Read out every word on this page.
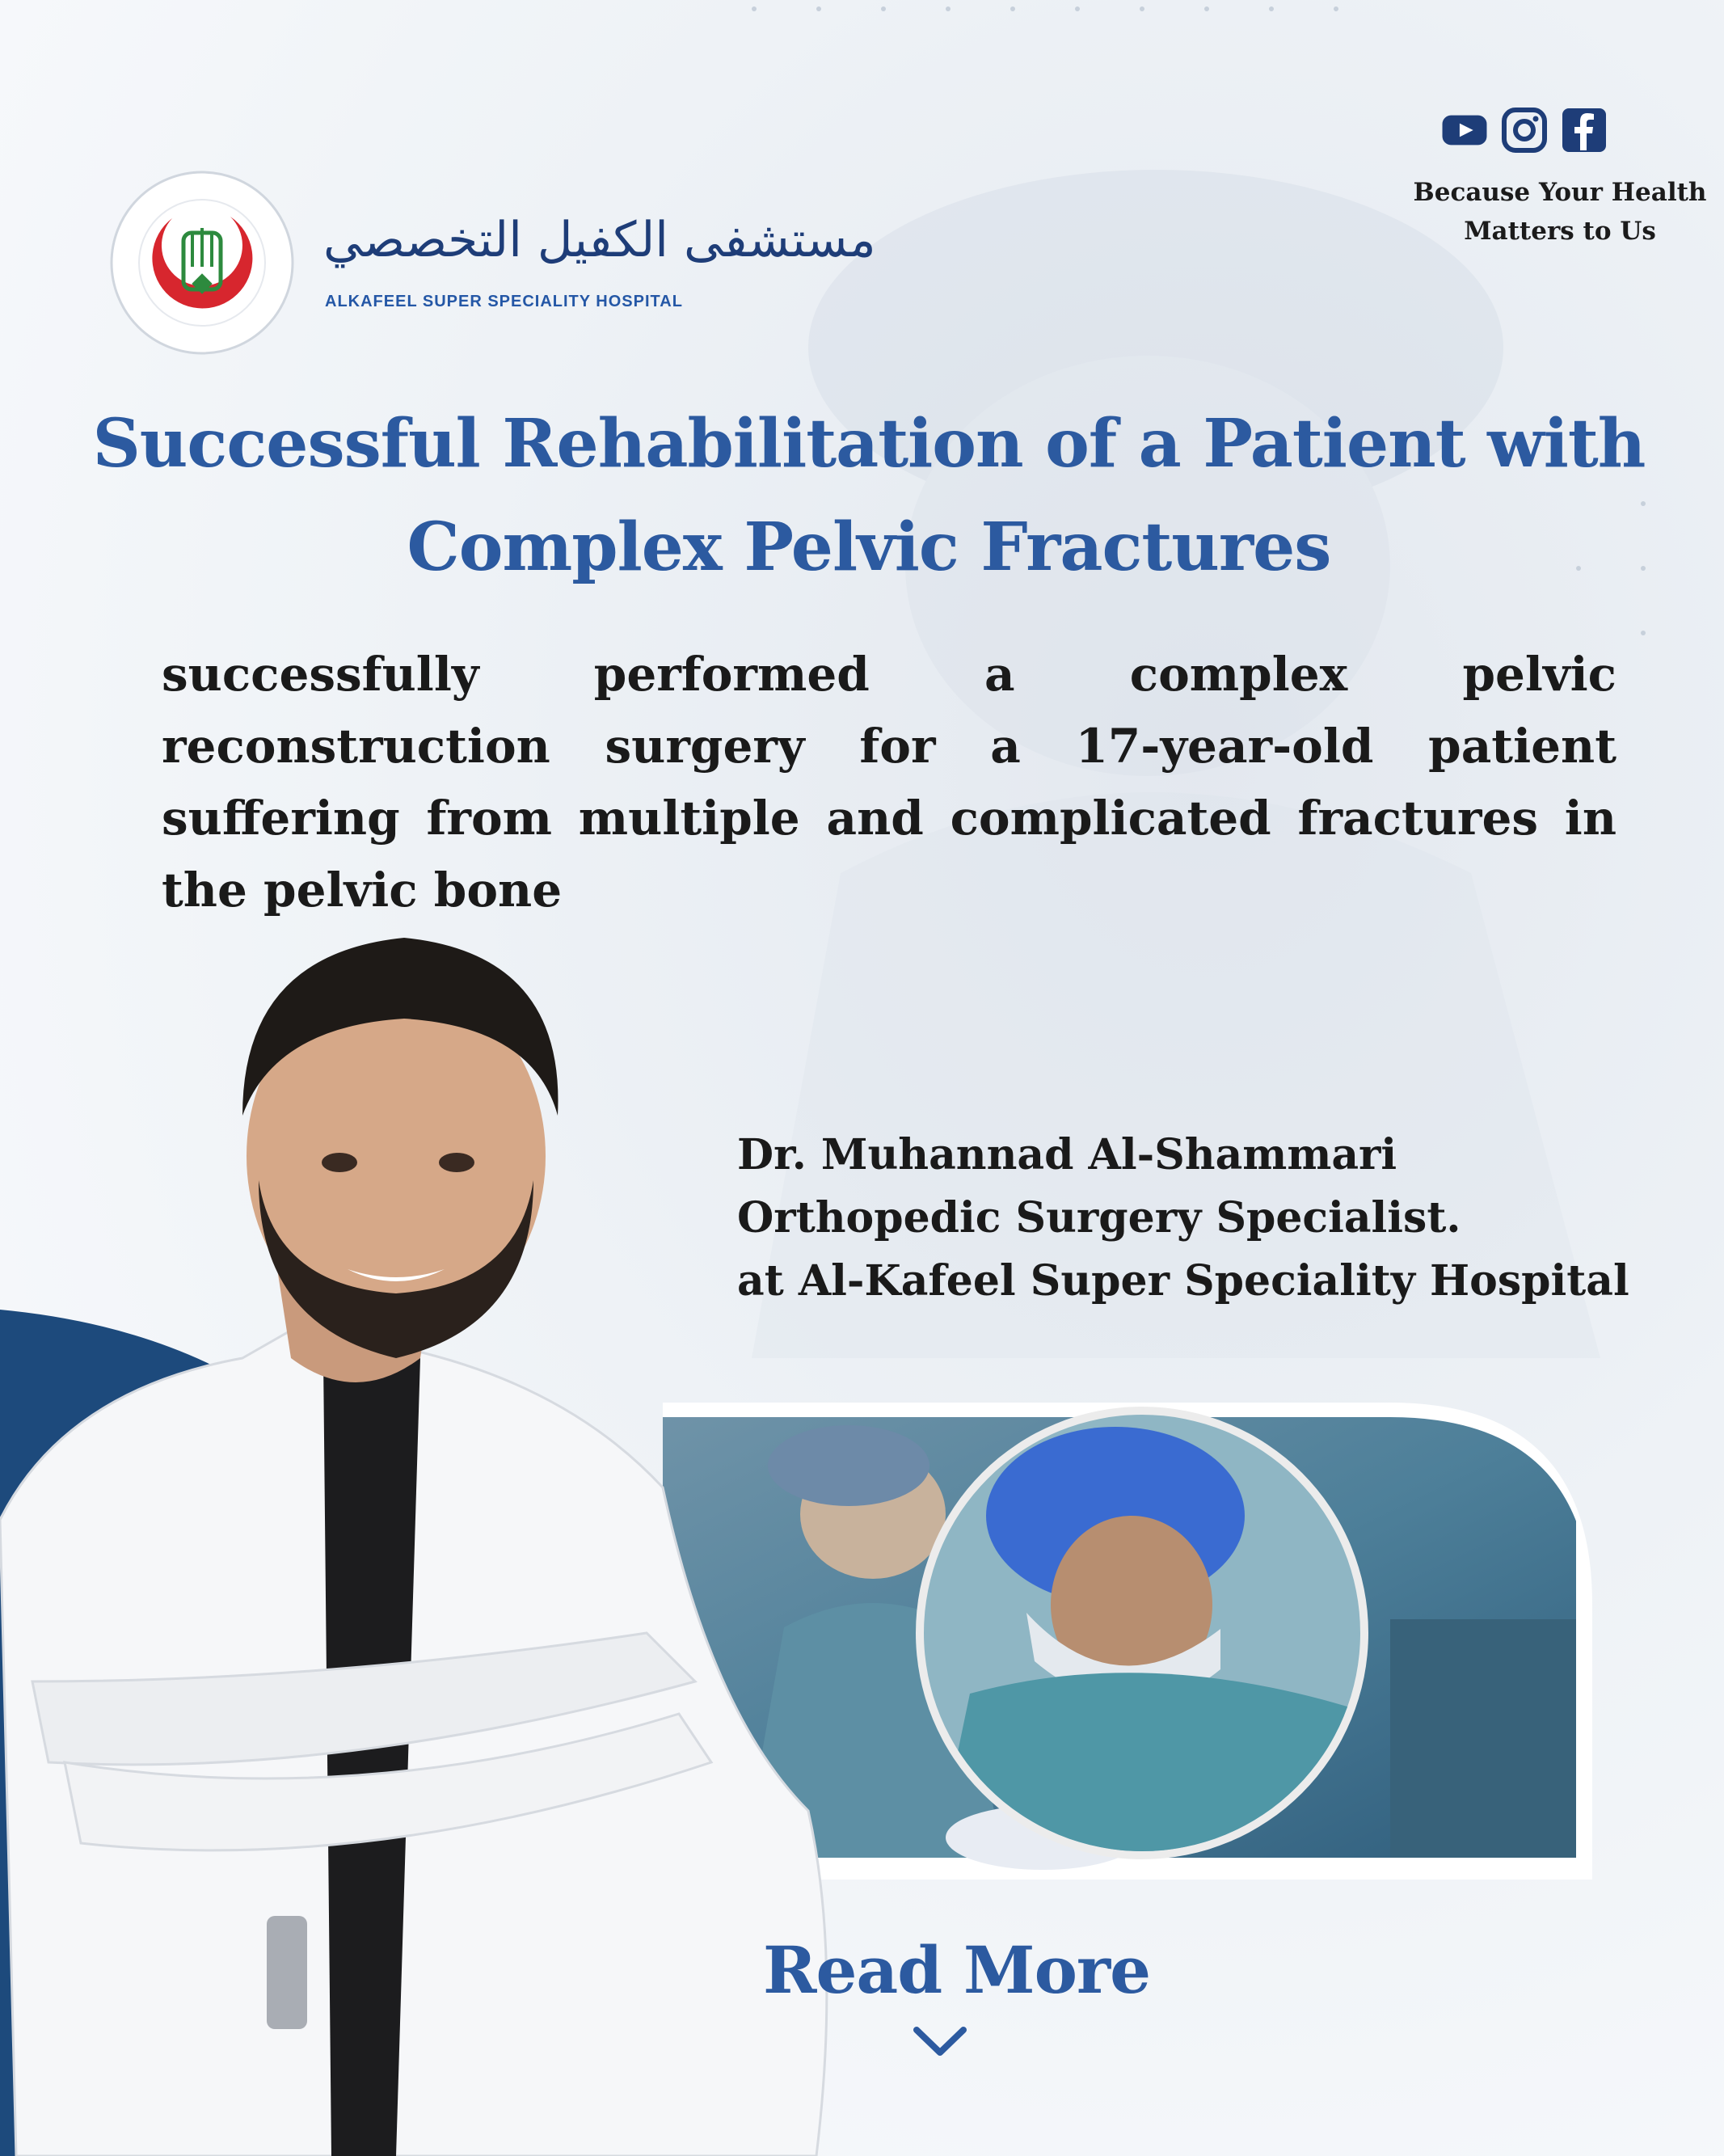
مستشفى الكفيل التخصصي
ALKAFEEL SUPER SPECIALITY HOSPITAL
Because Your Health
Matters to Us
Successful Rehabilitation of a Patient with
Complex Pelvic Fractures
successfully performed a complex pelvic reconstruction surgery for a 17-year-old patient suffering from multiple and complicated fractures in the pelvic bone
Dr. Muhannad Al-Shammari
Orthopedic Surgery Specialist.
at Al-Kafeel Super Speciality Hospital
Read More
